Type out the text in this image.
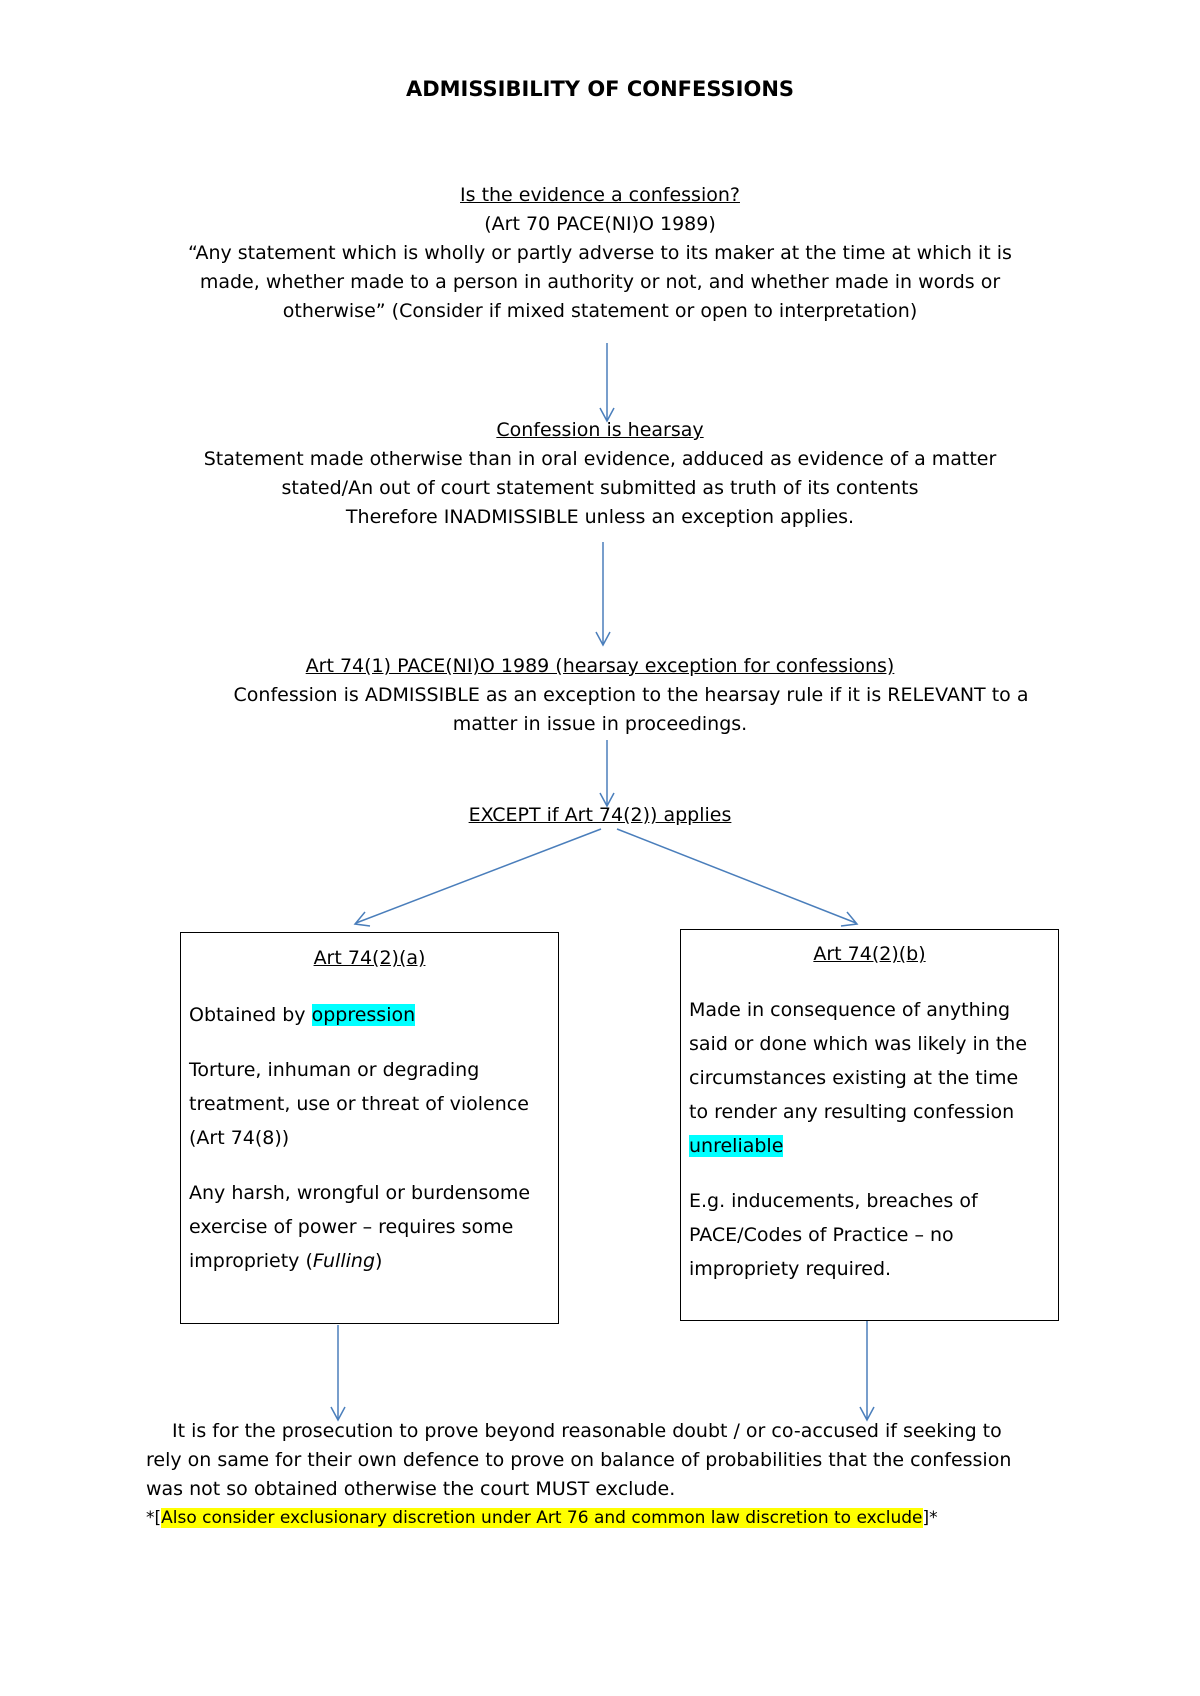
ADMISSIBILITY OF CONFESSIONS
Is the evidence a confession?
(Art 70 PACE(NI)O 1989)
“Any statement which is wholly or partly adverse to its maker at the time at which it is
made, whether made to a person in authority or not, and whether made in words or
otherwise” (Consider if mixed statement or open to interpretation)
Confession is hearsay
Statement made otherwise than in oral evidence, adduced as evidence of a matter
stated/An out of court statement submitted as truth of its contents
Therefore INADMISSIBLE unless an exception applies.
Art 74(1) PACE(NI)O 1989 (hearsay exception for confessions)
Confession is ADMISSIBLE as an exception to the hearsay rule if it is RELEVANT to a
matter in issue in proceedings.
EXCEPT if Art 74(2)) applies
Art 74(2)(a)
Obtained by oppression
Torture, inhuman or degrading
treatment, use or threat of violence
(Art 74(8))
Any harsh, wrongful or burdensome
exercise of power – requires some
impropriety (Fulling)
Art 74(2)(b)
Made in consequence of anything
said or done which was likely in the
circumstances existing at the time
to render any resulting confession
unreliable
E.g. inducements, breaches of
PACE/Codes of Practice – no
impropriety required.
It is for the prosecution to prove beyond reasonable doubt / or co-accused if seeking to
rely on same for their own defence to prove on balance of probabilities that the confession
was not so obtained otherwise the court MUST exclude.
*[Also consider exclusionary discretion under Art 76 and common law discretion to exclude]*
